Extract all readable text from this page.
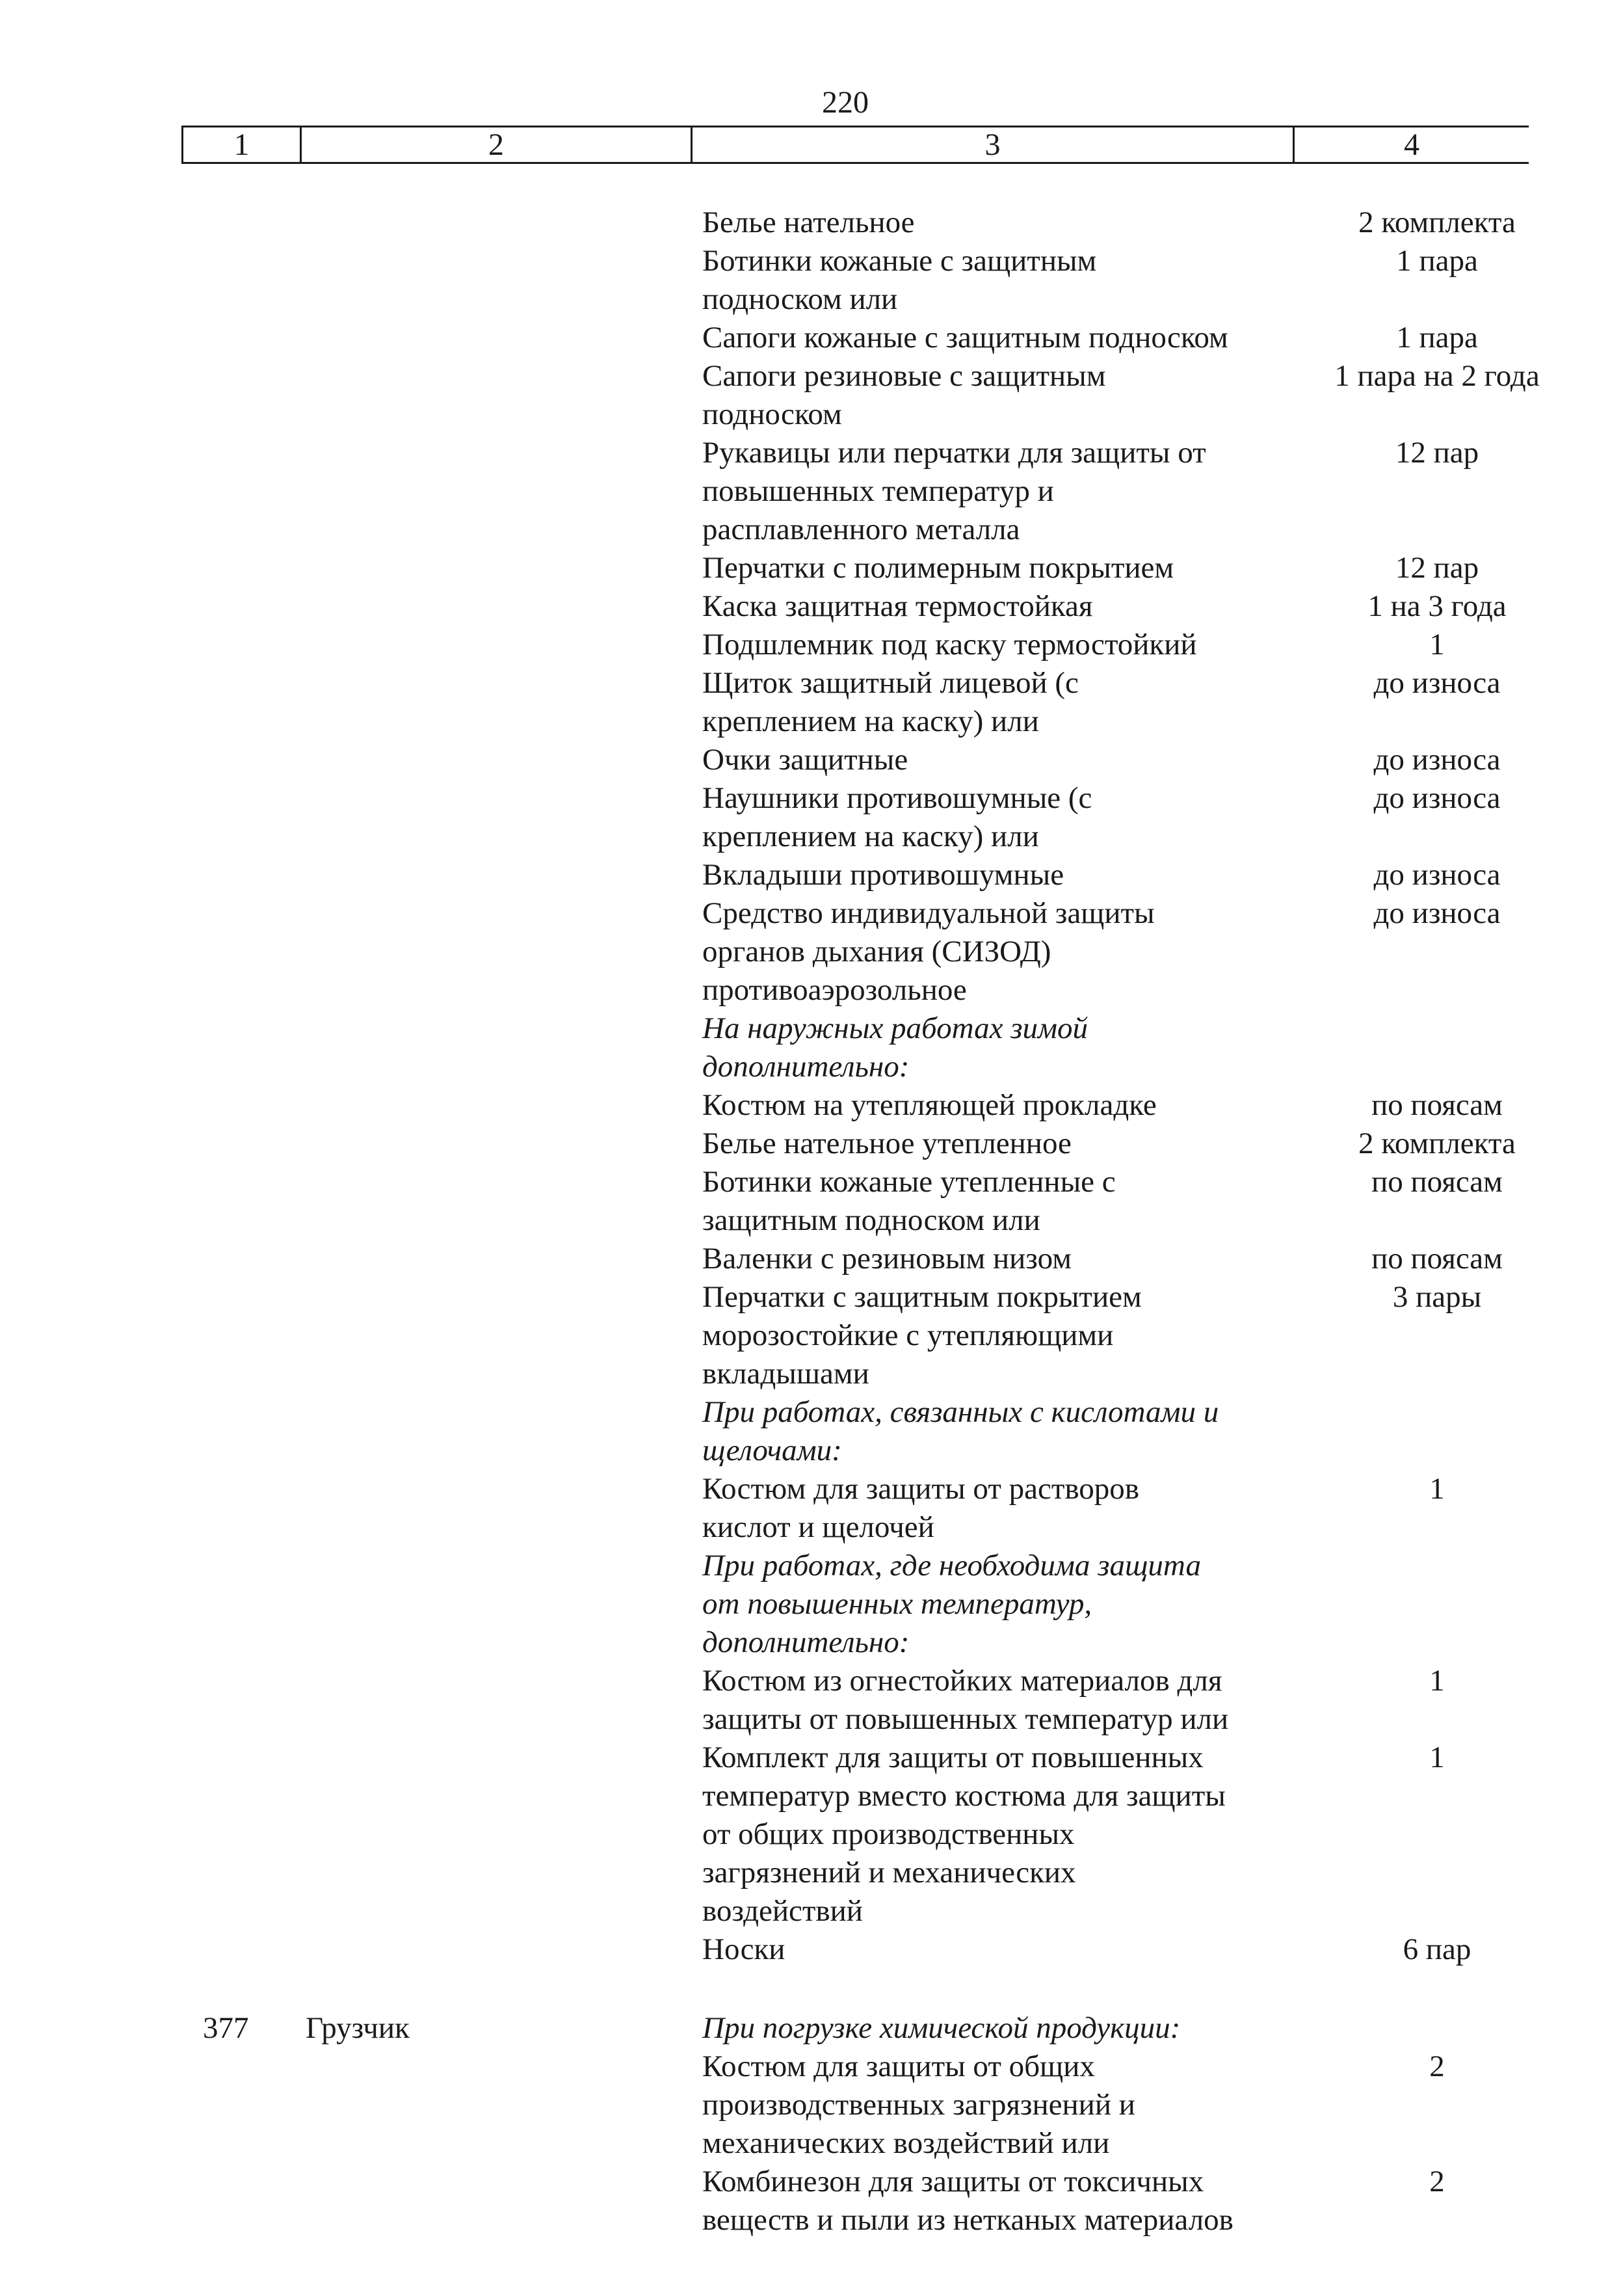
220
1	2	3	4
Белье нательное	2 комплекта
Ботинки кожаные с защитным	1 пара
подноском или
Сапоги кожаные с защитным подноском	1 пара
Сапоги резиновые с защитным	1 пара на 2 года
подноском
Рукавицы или перчатки для защиты от	12 пар
повышенных температур и
расплавленного металла
Перчатки с полимерным покрытием	12 пар
Каска защитная термостойкая	1 на 3 года
Подшлемник под каску термостойкий	1
Щиток защитный лицевой (с	до износа
креплением на каску) или
Очки защитные	до износа
Наушники противошумные (с	до износа
креплением на каску) или
Вкладыши противошумные	до износа
Средство индивидуальной защиты	до износа
органов дыхания (СИЗОД)
противоаэрозольное
На наружных работах зимой
дополнительно:
Костюм на утепляющей прокладке	по поясам
Белье нательное утепленное	2 комплекта
Ботинки кожаные утепленные с	по поясам
защитным подноском или
Валенки с резиновым низом	по поясам
Перчатки с защитным покрытием	3 пары
морозостойкие с утепляющими
вкладышами
При работах, связанных с кислотами и
щелочами:
Костюм для защиты от растворов	1
кислот и щелочей
При работах, где необходима защита
от повышенных температур,
дополнительно:
Костюм из огнестойких материалов для	1
защиты от повышенных температур или
Комплект для защиты от повышенных	1
температур вместо костюма для защиты
от общих производственных
загрязнений и механических
воздействий
Носки	6 пар
377	Грузчик	При погрузке химической продукции:
Костюм для защиты от общих	2
производственных загрязнений и
механических воздействий или
Комбинезон для защиты от токсичных	2
веществ и пыли из нетканых материалов
